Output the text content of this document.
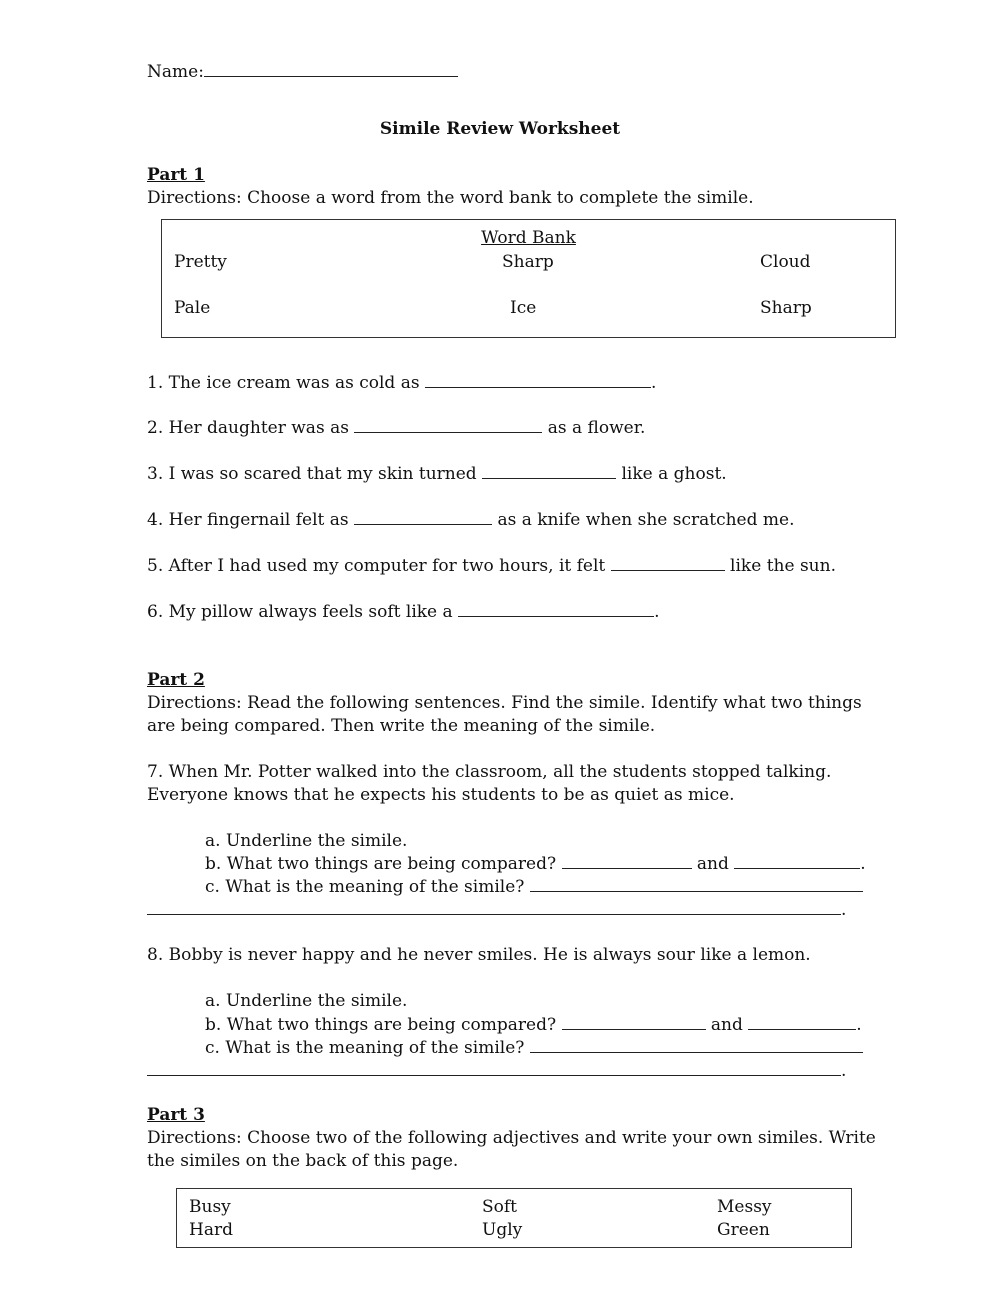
Name:
Simile Review Worksheet
Part 1
Directions: Choose a word from the word bank to complete the simile.
Word Bank
Pretty	Sharp	Cloud
Pale	Ice	Sharp
1. The ice cream was as cold as	.
2. Her daughter was as	as a flower.
3. I was so scared that my skin turned	like a ghost.
4. Her fingernail felt as	as a knife when she scratched me.
5. After I had used my computer for two hours, it felt	like the sun.
6. My pillow always feels soft like a	.
Part 2
Directions: Read the following sentences. Find the simile. Identify what two things
are being compared. Then write the meaning of the simile.
7. When Mr. Potter walked into the classroom, all the students stopped talking.
Everyone knows that he expects his students to be as quiet as mice.
a. Underline the simile.
b. What two things are being compared?	and	.
c. What is the meaning of the simile?
.
8. Bobby is never happy and he never smiles. He is always sour like a lemon.
a. Underline the simile.
b. What two things are being compared?	and	.
c. What is the meaning of the simile?
.
Part 3
Directions: Choose two of the following adjectives and write your own similes. Write
the similes on the back of this page.
Busy	Soft	Messy
Hard	Ugly	Green
